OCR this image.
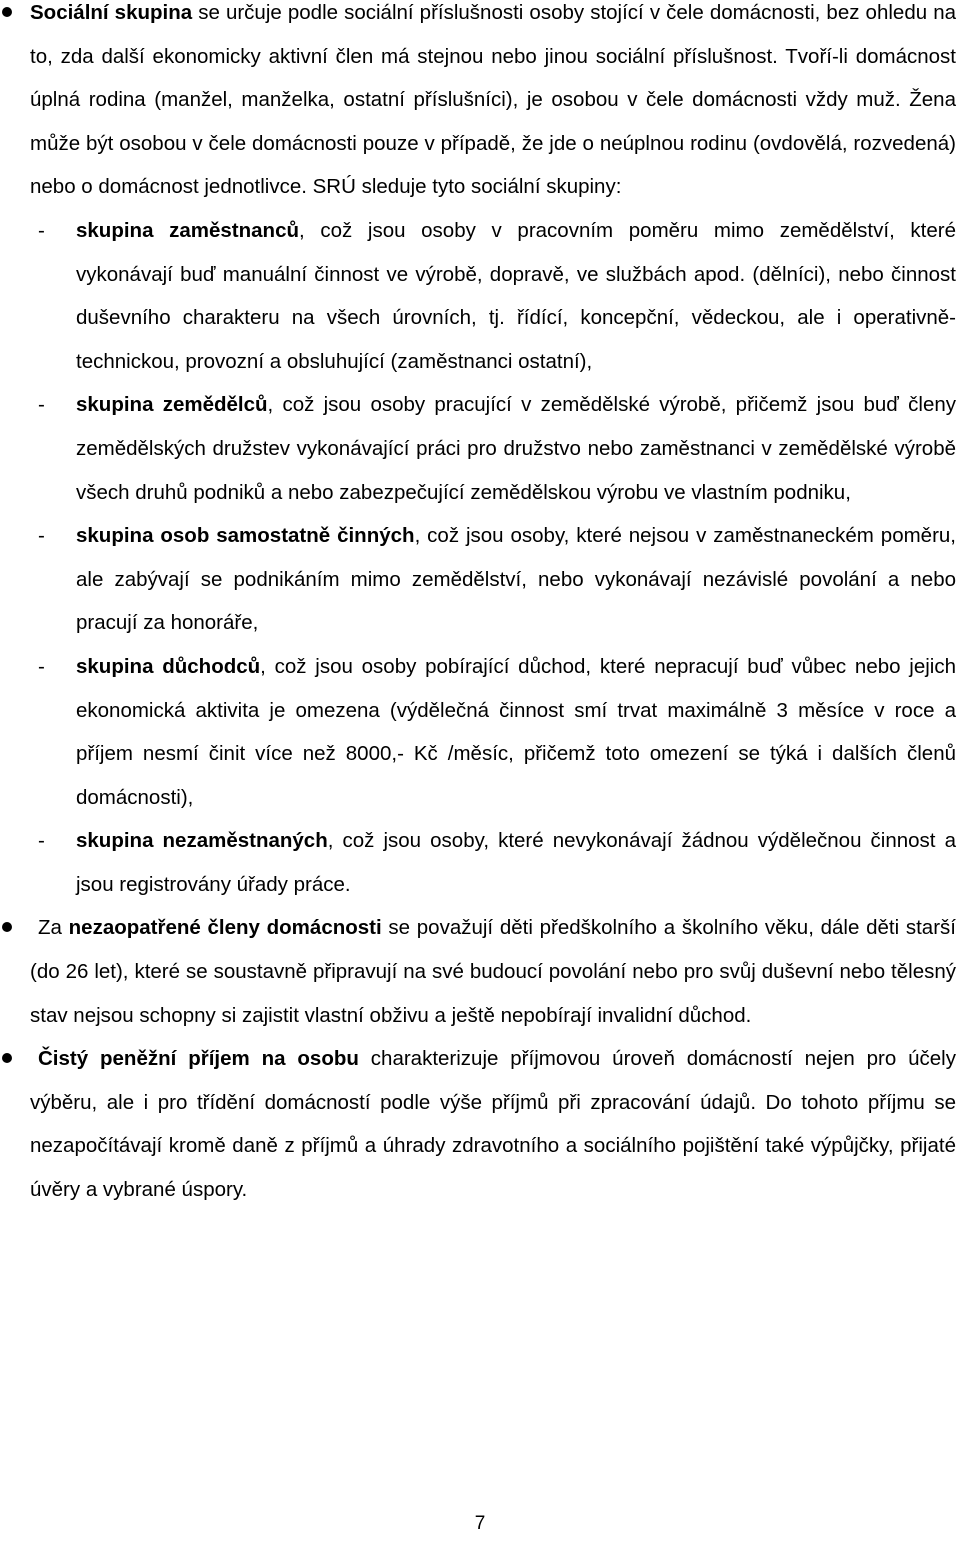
Sociální skupina se určuje podle sociální příslušnosti osoby stojící v čele domácnosti, bez ohledu na to, zda další ekonomicky aktivní člen má stejnou nebo jinou sociální příslušnost. Tvoří-li domácnost úplná rodina (manžel, manželka, ostatní příslušníci), je osobou v čele domácnosti vždy muž. Žena může být osobou v čele domácnosti pouze v případě, že jde o neúplnou rodinu (ovdovělá, rozvedená) nebo o domácnost jednotlivce. SRÚ sleduje tyto sociální skupiny:

- skupina zaměstnanců, což jsou osoby v pracovním poměru mimo zemědělství, které vykonávají buď manuální činnost ve výrobě, dopravě, ve službách apod. (dělníci), nebo činnost duševního charakteru na všech úrovních, tj. řídící, koncepční, vědeckou, ale i operativně-technickou, provozní a obsluhující (zaměstnanci ostatní),
- skupina zemědělců, což jsou osoby pracující v zemědělské výrobě, přičemž jsou buď členy zemědělských družstev vykonávající práci pro družstvo nebo zaměstnanci v zemědělské výrobě všech druhů podniků a nebo zabezpečující zemědělskou výrobu ve vlastním podniku,
- skupina osob samostatně činných, což jsou osoby, které nejsou v zaměstnaneckém poměru, ale zabývají se podnikáním mimo zemědělství, nebo vykonávají nezávislé povolání a nebo pracují za honoráře,
- skupina důchodců, což jsou osoby pobírající důchod, které nepracují buď vůbec nebo jejich ekonomická aktivita je omezena (výdělečná činnost smí trvat maximálně 3 měsíce v roce a příjem nesmí činit více než 8000,- Kč /měsíc, přičemž toto omezení se týká i dalších členů domácnosti),
- skupina nezaměstnaných, což jsou osoby, které nevykonávají žádnou výdělečnou činnost a jsou registrovány úřady práce.

Za nezaopatřené členy domácnosti se považují děti předškolního a školního věku, dále děti starší (do 26 let), které se soustavně připravují na své budoucí povolání nebo pro svůj duševní nebo tělesný stav nejsou schopny si zajistit vlastní obživu a ještě nepobírají invalidní důchod.

Čistý peněžní příjem na osobu charakterizuje příjmovou úroveň domácností nejen pro účely výběru, ale i pro třídění domácností podle výše příjmů při zpracování údajů. Do tohoto příjmu se nezapočítávají kromě daně z příjmů a úhrady zdravotního a sociálního pojištění také výpůjčky, přijaté úvěry a vybrané úspory.

7
